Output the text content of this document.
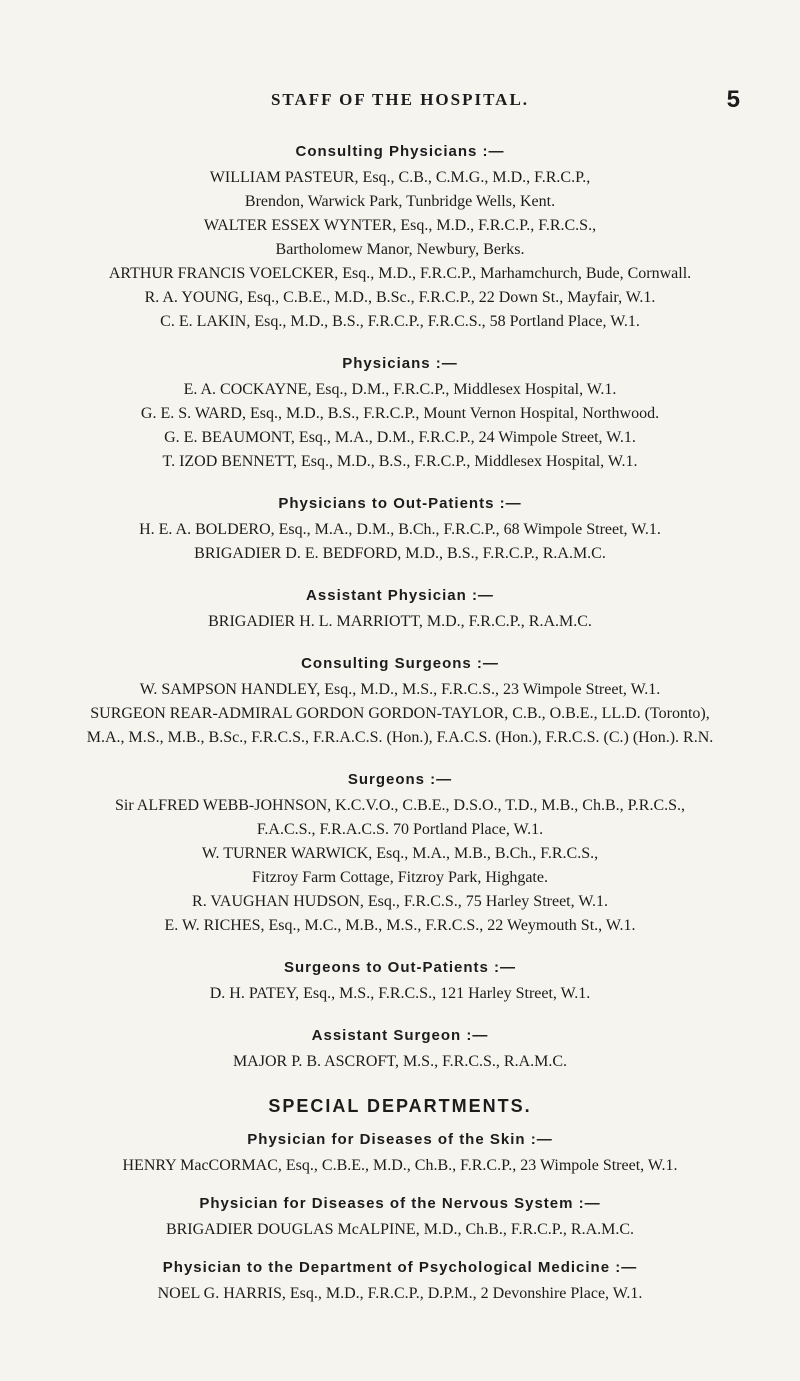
STAFF OF THE HOSPITAL.	5
Consulting Physicians :—
WILLIAM PASTEUR, Esq., C.B., C.M.G., M.D., F.R.C.P.,
Brendon, Warwick Park, Tunbridge Wells, Kent.
WALTER ESSEX WYNTER, Esq., M.D., F.R.C.P., F.R.C.S.,
Bartholomew Manor, Newbury, Berks.
ARTHUR FRANCIS VOELCKER, Esq., M.D., F.R.C.P., Marhamchurch, Bude, Cornwall.
R. A. YOUNG, Esq., C.B.E., M.D., B.Sc., F.R.C.P., 22 Down St., Mayfair, W.1.
C. E. LAKIN, Esq., M.D., B.S., F.R.C.P., F.R.C.S., 58 Portland Place, W.1.
Physicians :—
E. A. COCKAYNE, Esq., D.M., F.R.C.P., Middlesex Hospital, W.1.
G. E. S. WARD, Esq., M.D., B.S., F.R.C.P., Mount Vernon Hospital, Northwood.
G. E. BEAUMONT, Esq., M.A., D.M., F.R.C.P., 24 Wimpole Street, W.1.
T. IZOD BENNETT, Esq., M.D., B.S., F.R.C.P., Middlesex Hospital, W.1.
Physicians to Out-Patients :—
H. E. A. BOLDERO, Esq., M.A., D.M., B.Ch., F.R.C.P., 68 Wimpole Street, W.1.
BRIGADIER D. E. BEDFORD, M.D., B.S., F.R.C.P., R.A.M.C.
Assistant Physician :—
BRIGADIER H. L. MARRIOTT, M.D., F.R.C.P., R.A.M.C.
Consulting Surgeons :—
W. SAMPSON HANDLEY, Esq., M.D., M.S., F.R.C.S., 23 Wimpole Street, W.1.
SURGEON REAR-ADMIRAL GORDON GORDON-TAYLOR, C.B., O.B.E., LL.D. (Toronto),
M.A., M.S., M.B., B.Sc., F.R.C.S., F.R.A.C.S. (Hon.), F.A.C.S. (Hon.), F.R.C.S. (C.) (Hon.). R.N.
Surgeons :—
Sir ALFRED WEBB-JOHNSON, K.C.V.O., C.B.E., D.S.O., T.D., M.B., Ch.B., P.R.C.S.,
F.A.C.S., F.R.A.C.S. 70 Portland Place, W.1.
W. TURNER WARWICK, Esq., M.A., M.B., B.Ch., F.R.C.S.,
Fitzroy Farm Cottage, Fitzroy Park, Highgate.
R. VAUGHAN HUDSON, Esq., F.R.C.S., 75 Harley Street, W.1.
E. W. RICHES, Esq., M.C., M.B., M.S., F.R.C.S., 22 Weymouth St., W.1.
Surgeons to Out-Patients :—
D. H. PATEY, Esq., M.S., F.R.C.S., 121 Harley Street, W.1.
Assistant Surgeon :—
MAJOR P. B. ASCROFT, M.S., F.R.C.S., R.A.M.C.
SPECIAL DEPARTMENTS.
Physician for Diseases of the Skin :—
HENRY MacCORMAC, Esq., C.B.E., M.D., Ch.B., F.R.C.P., 23 Wimpole Street, W.1.
Physician for Diseases of the Nervous System :—
BRIGADIER DOUGLAS McALPINE, M.D., Ch.B., F.R.C.P., R.A.M.C.
Physician to the Department of Psychological Medicine :—
NOEL G. HARRIS, Esq., M.D., F.R.C.P., D.P.M., 2 Devonshire Place, W.1.
